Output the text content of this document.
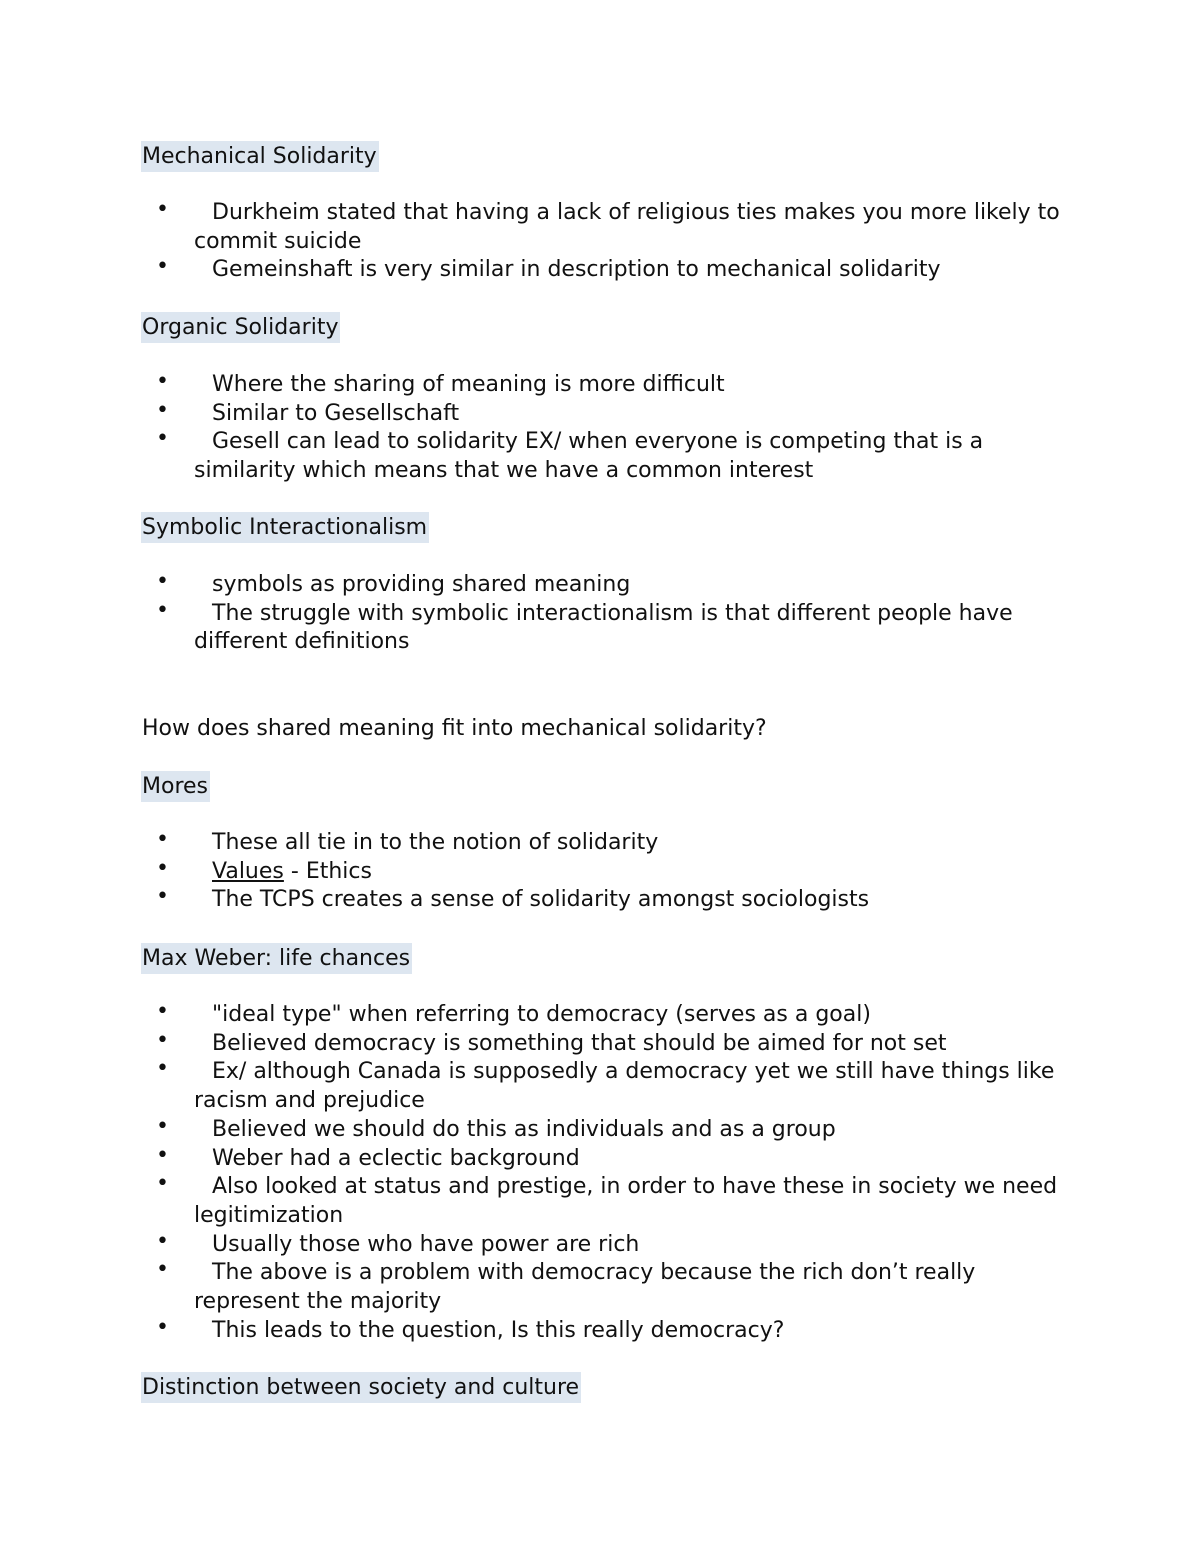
Mechanical Solidarity
• Durkheim stated that having a lack of religious ties makes you more likely to commit suicide
• Gemeinshaft is very similar in description to mechanical solidarity
Organic Solidarity
• Where the sharing of meaning is more difficult
• Similar to Gesellschaft
• Gesell can lead to solidarity EX/ when everyone is competing that is a similarity which means that we have a common interest
Symbolic Interactionalism
• symbols as providing shared meaning
• The struggle with symbolic interactionalism is that different people have different definitions
How does shared meaning fit into mechanical solidarity?
Mores
• These all tie in to the notion of solidarity
• Values - Ethics
• The TCPS creates a sense of solidarity amongst sociologists
Max Weber: life chances
• "ideal type" when referring to democracy (serves as a goal)
• Believed democracy is something that should be aimed for not set
• Ex/ although Canada is supposedly a democracy yet we still have things like racism and prejudice
• Believed we should do this as individuals and as a group
• Weber had a eclectic background
• Also looked at status and prestige, in order to have these in society we need legitimization
• Usually those who have power are rich
• The above is a problem with democracy because the rich don’t really represent the majority
• This leads to the question, Is this really democracy?
Distinction between society and culture
